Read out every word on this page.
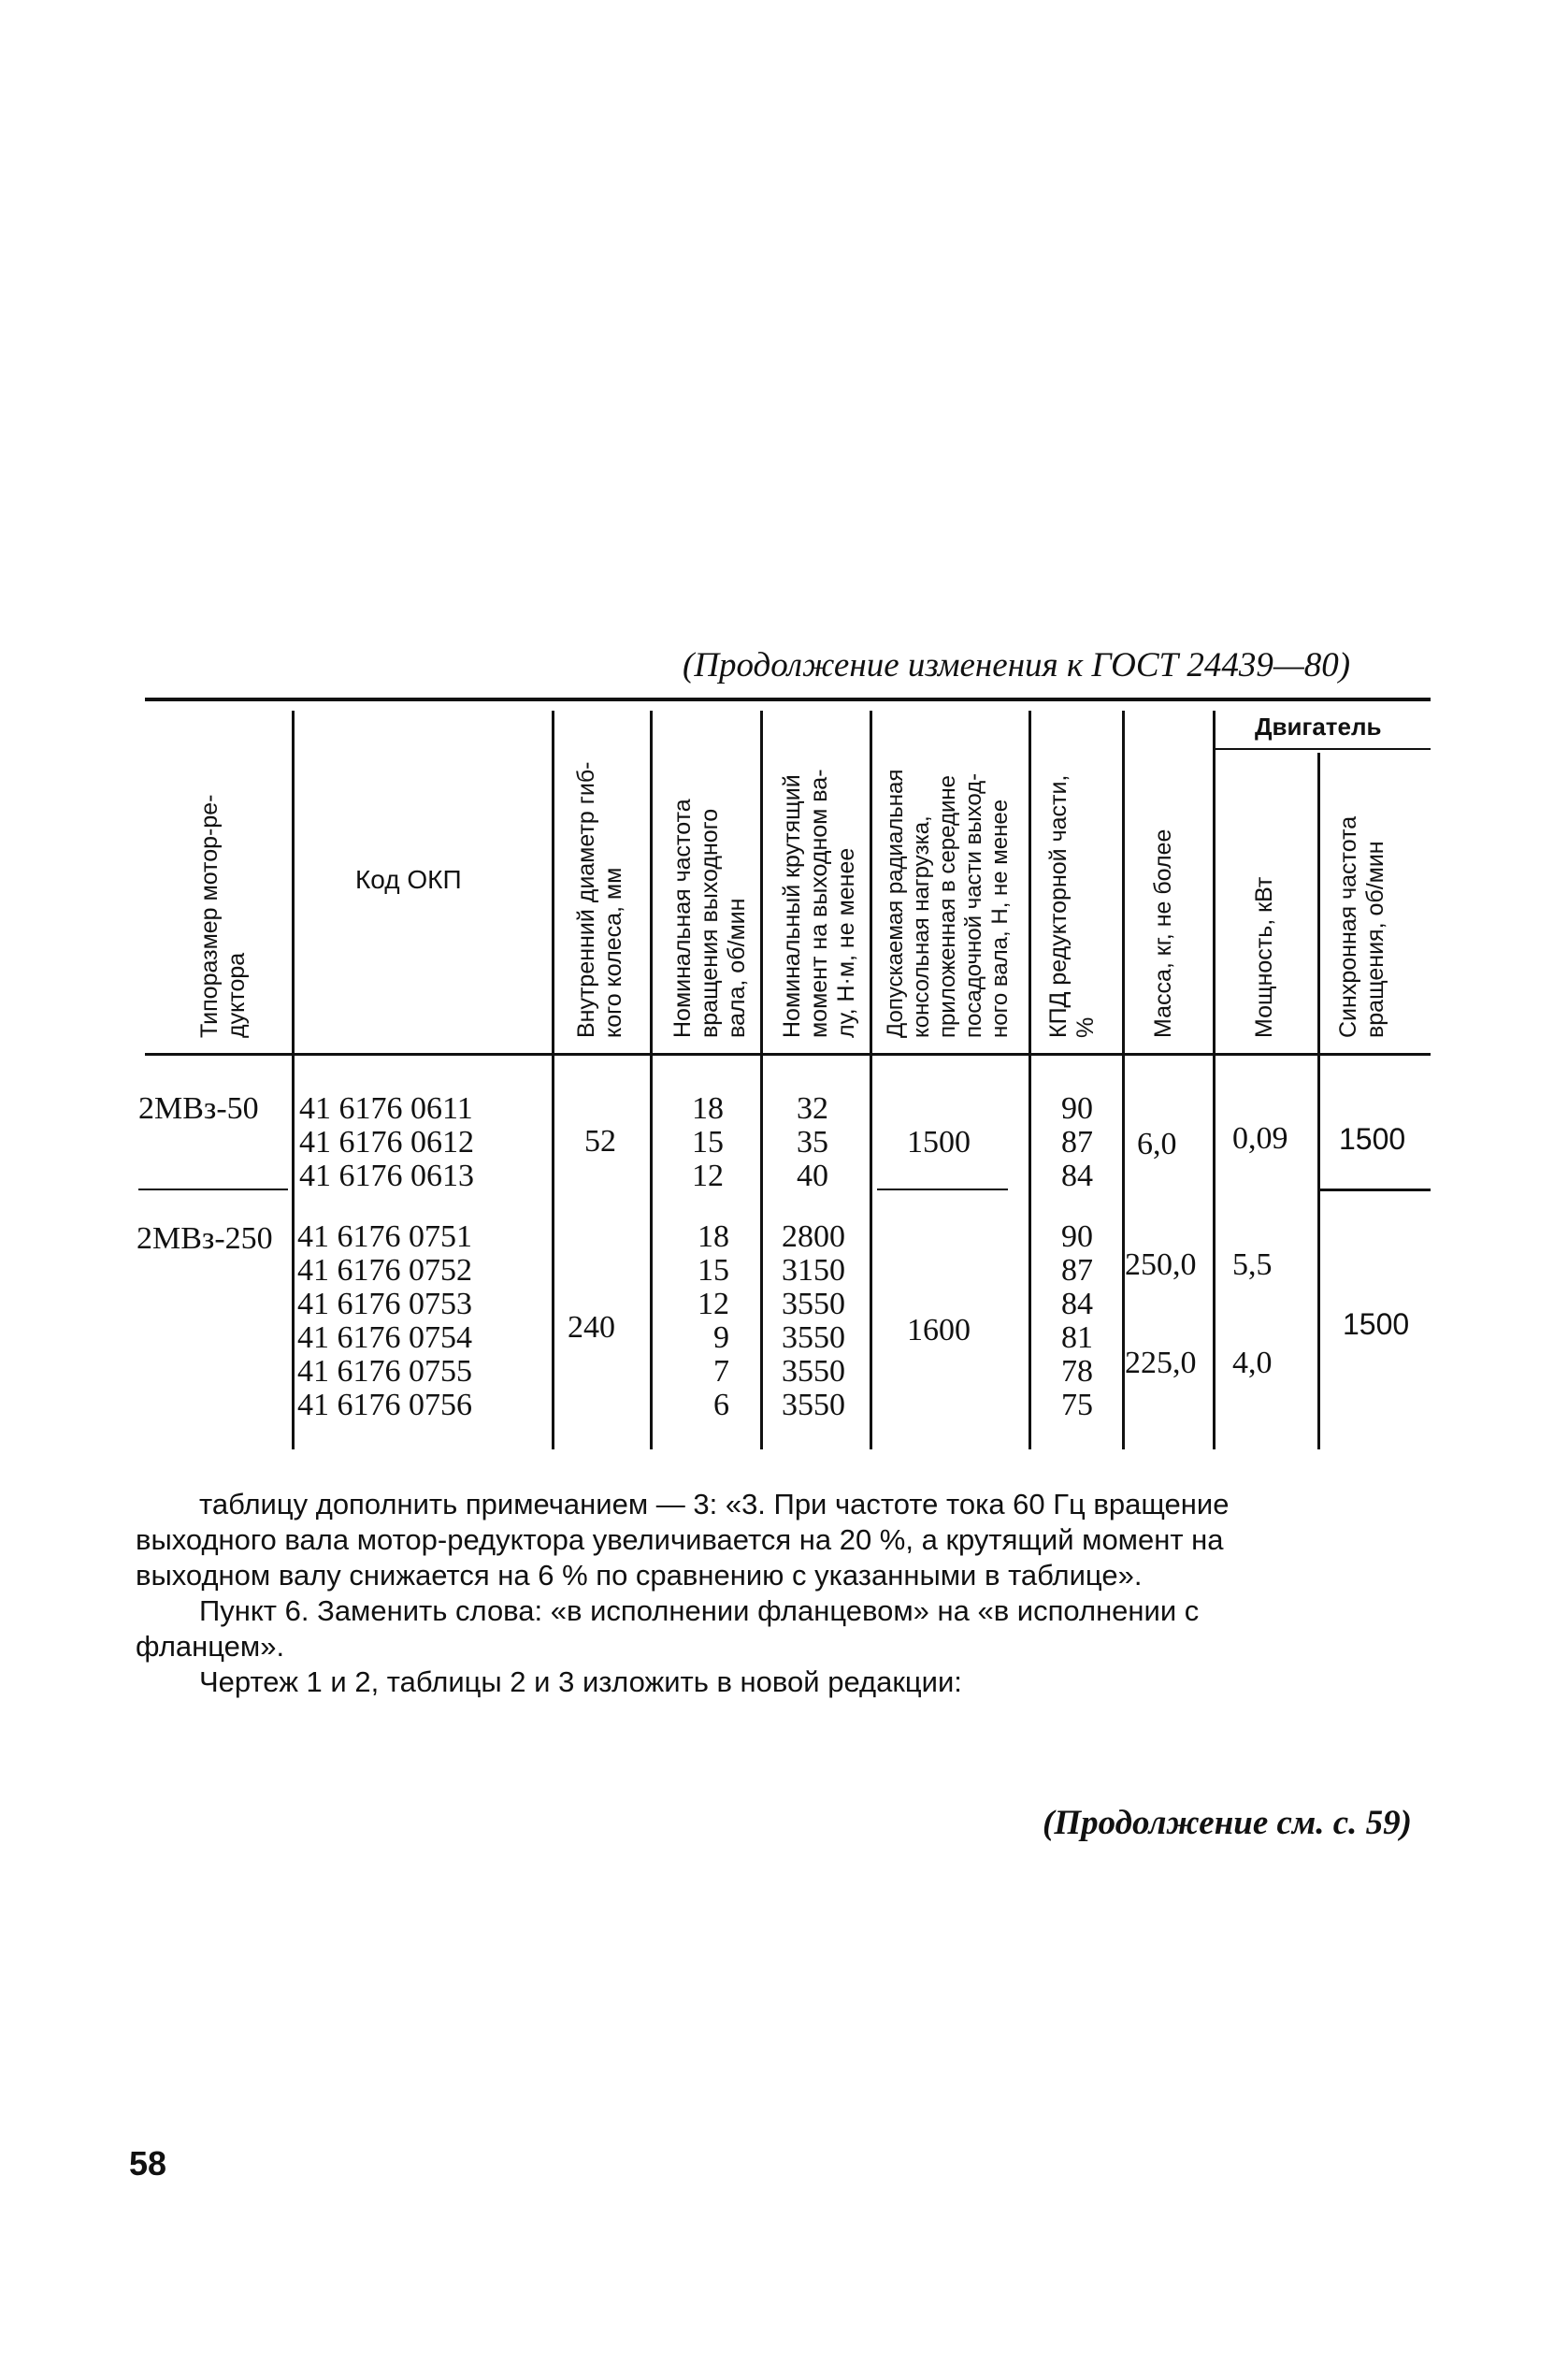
(Продолжение изменения к ГОСТ 24439—80)
Типоразмер мотор-ре-
дуктора
Код ОКП	Внутренний диаметр гиб-
кого колеса, мм Номинальная частота
вращения выходного
вала, об/мин Номинальный крутящий
момент на выходном ва-
лу, Н·м, не менее Допускаемая радиальная
консольная нагрузка,
приложенная в середине
посадочной части выход-
ного вала, Н, не менее КПД редукторной части,
% Масса, кг, не более
Двигатель
Мощность, кВт Синхронная частота
вращения, об/мин
2МВз-50 41 6176 0611
41 6176 0612
41 6176 0613
52
18
15
12
32
35
40
1500
90
87
84
6,0 0,09 1500
2МВз-250 41 6176 0751
41 6176 0752
41 6176 0753
41 6176 0754
41 6176 0755
41 6176 0756
240
18
15
12
9
7
6
2800
3150
3550
3550
3550
3550
1600
90
87
84
81
78
75
250,0
225,0
5,5
4,0
1500
таблицу дополнить примечанием — 3: «3. При частоте тока 60 Гц вращение
выходного вала мотор-редуктора увеличивается на 20 %, а крутящий момент на
выходном валу снижается на 6 % по сравнению с указанными в таблице».
Пункт 6. Заменить слова: «в исполнении фланцевом» на «в исполнении с
фланцем».
Чертеж 1 и 2, таблицы 2 и 3 изложить в новой редакции:
(Продолжение см. с. 59)
58
